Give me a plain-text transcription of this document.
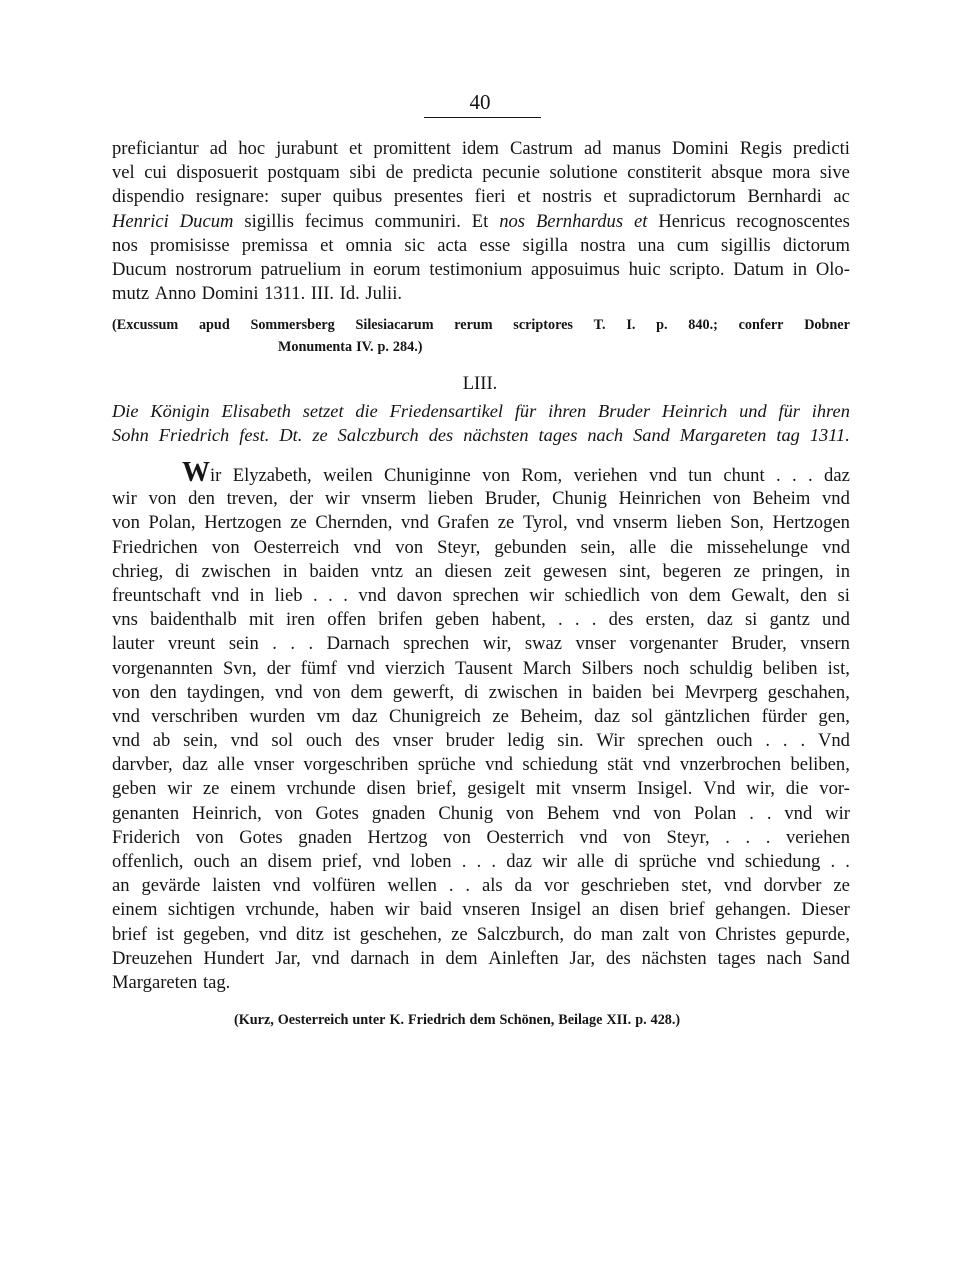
40
preficiantur ad hoc jurabunt et promittent idem Castrum ad manus Domini Regis predicti
vel cui disposuerit postquam sibi de predicta pecunie solutione constiterit absque mora sive
dispendio resignare: super quibus presentes fieri et nostris et supradictorum Bernhardi ac
Henrici Ducum sigillis fecimus communiri. Et nos Bernhardus et Henricus recognoscentes
nos promisisse premissa et omnia sic acta esse sigilla nostra una cum sigillis dictorum
Ducum nostrorum patruelium in eorum testimonium apposuimus huic scripto. Datum in Olo-
mutz Anno Domini 1311. III. Id. Julii.
(Excussum apud Sommersberg Silesiacarum rerum scriptores T. I. p. 840.; conferr Dobner
Monumenta IV. p. 284.)
LIII.
Die Königin Elisabeth setzet die Friedensartikel für ihren Bruder Heinrich und für ihren
Sohn Friedrich fest. Dt. ze Salczburch des nächsten tages nach Sand Margareten tag 1311.
Wir Elyzabeth, weilen Chuniginne von Rom, veriehen vnd tun chunt . . . daz
wir von den treven, der wir vnserm lieben Bruder, Chunig Heinrichen von Beheim vnd
von Polan, Hertzogen ze Chernden, vnd Grafen ze Tyrol, vnd vnserm lieben Son, Hertzogen
Friedrichen von Oesterreich vnd von Steyr, gebunden sein, alle die missehelunge vnd
chrieg, di zwischen in baiden vntz an diesen zeit gewesen sint, begeren ze pringen, in
freuntschaft vnd in lieb . . . vnd davon sprechen wir schiedlich von dem Gewalt, den si
vns baidenthalb mit iren offen brifen geben habent, . . . des ersten, daz si gantz und
lauter vreunt sein . . . Darnach sprechen wir, swaz vnser vorgenanter Bruder, vnsern
vorgenannten Svn, der fümf vnd vierzich Tausent March Silbers noch schuldig beliben ist,
von den taydingen, vnd von dem gewerft, di zwischen in baiden bei Mevrperg geschahen,
vnd verschriben wurden vm daz Chunigreich ze Beheim, daz sol gäntzlichen fürder gen,
vnd ab sein, vnd sol ouch des vnser bruder ledig sin. Wir sprechen ouch . . . Vnd
darvber, daz alle vnser vorgeschriben sprüche vnd schiedung stät vnd vnzerbrochen beliben,
geben wir ze einem vrchunde disen brief, gesigelt mit vnserm Insigel. Vnd wir, die vor-
genanten Heinrich, von Gotes gnaden Chunig von Behem vnd von Polan . . vnd wir
Friderich von Gotes gnaden Hertzog von Oesterrich vnd von Steyr, . . . veriehen
offenlich, ouch an disem prief, vnd loben . . . daz wir alle di sprüche vnd schiedung . .
an gevärde laisten vnd volfüren wellen . . als da vor geschrieben stet, vnd dorvber ze
einem sichtigen vrchunde, haben wir baid vnseren Insigel an disen brief gehangen. Dieser
brief ist gegeben, vnd ditz ist geschehen, ze Salczburch, do man zalt von Christes gepurde,
Dreuzehen Hundert Jar, vnd darnach in dem Ainleften Jar, des nächsten tages nach Sand
Margareten tag.
(Kurz, Oesterreich unter K. Friedrich dem Schönen, Beilage XII. p. 428.)
